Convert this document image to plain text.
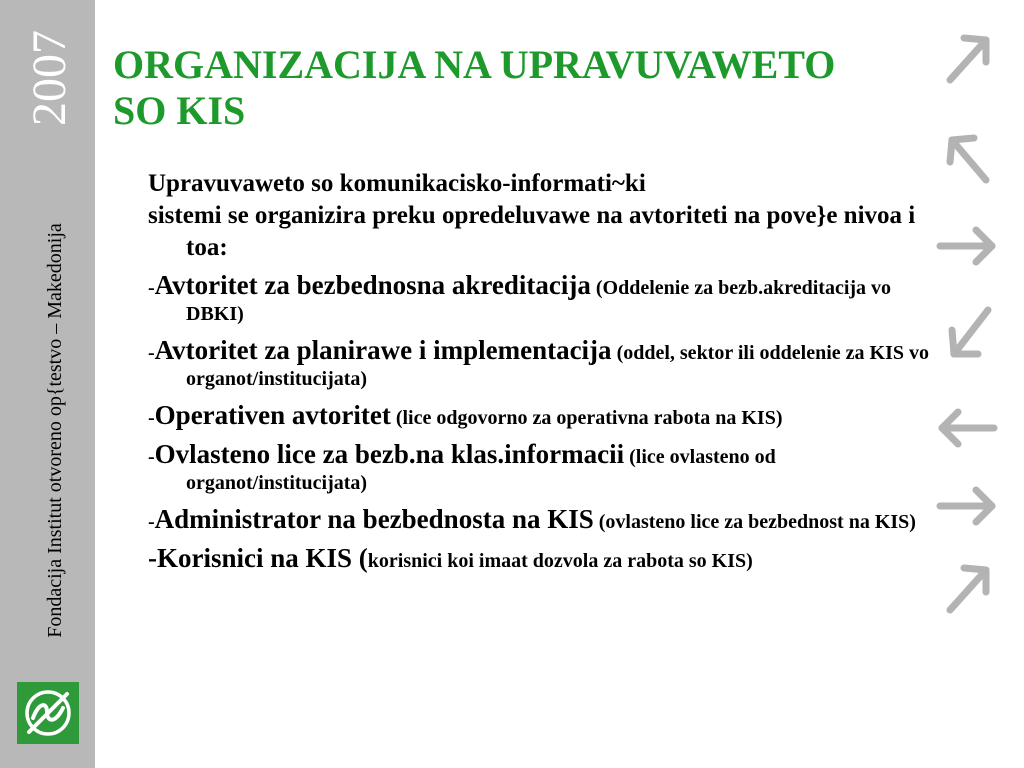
2007
Fondacija Institut otvoreno op{testvo – Makedonija
ORGANIZACIJA NA UPRAVUVAWETO
SO KIS

Upravuvaweto so komunikacisko-informati~ki

sistemi se organizira preku opredeluvawe na avtoriteti na pove}e nivoa i toa:

-Avtoritet za bezbednosna akreditacija (Oddelenie za bezb.akreditacija vo DBKI)

-Avtoritet za planirawe i implementacija (oddel, sektor ili oddelenie za KIS vo organot/institucijata)

-Operativen avtoritet (lice odgovorno za operativna rabota na KIS)

-Ovlasteno lice za bezb.na klas.informacii (lice ovlasteno od organot/institucijata)

-Administrator na bezbednosta na KIS (ovlasteno lice za bezbednost na KIS)

-Korisnici na KIS (korisnici koi imaat dozvola za rabota so KIS)
